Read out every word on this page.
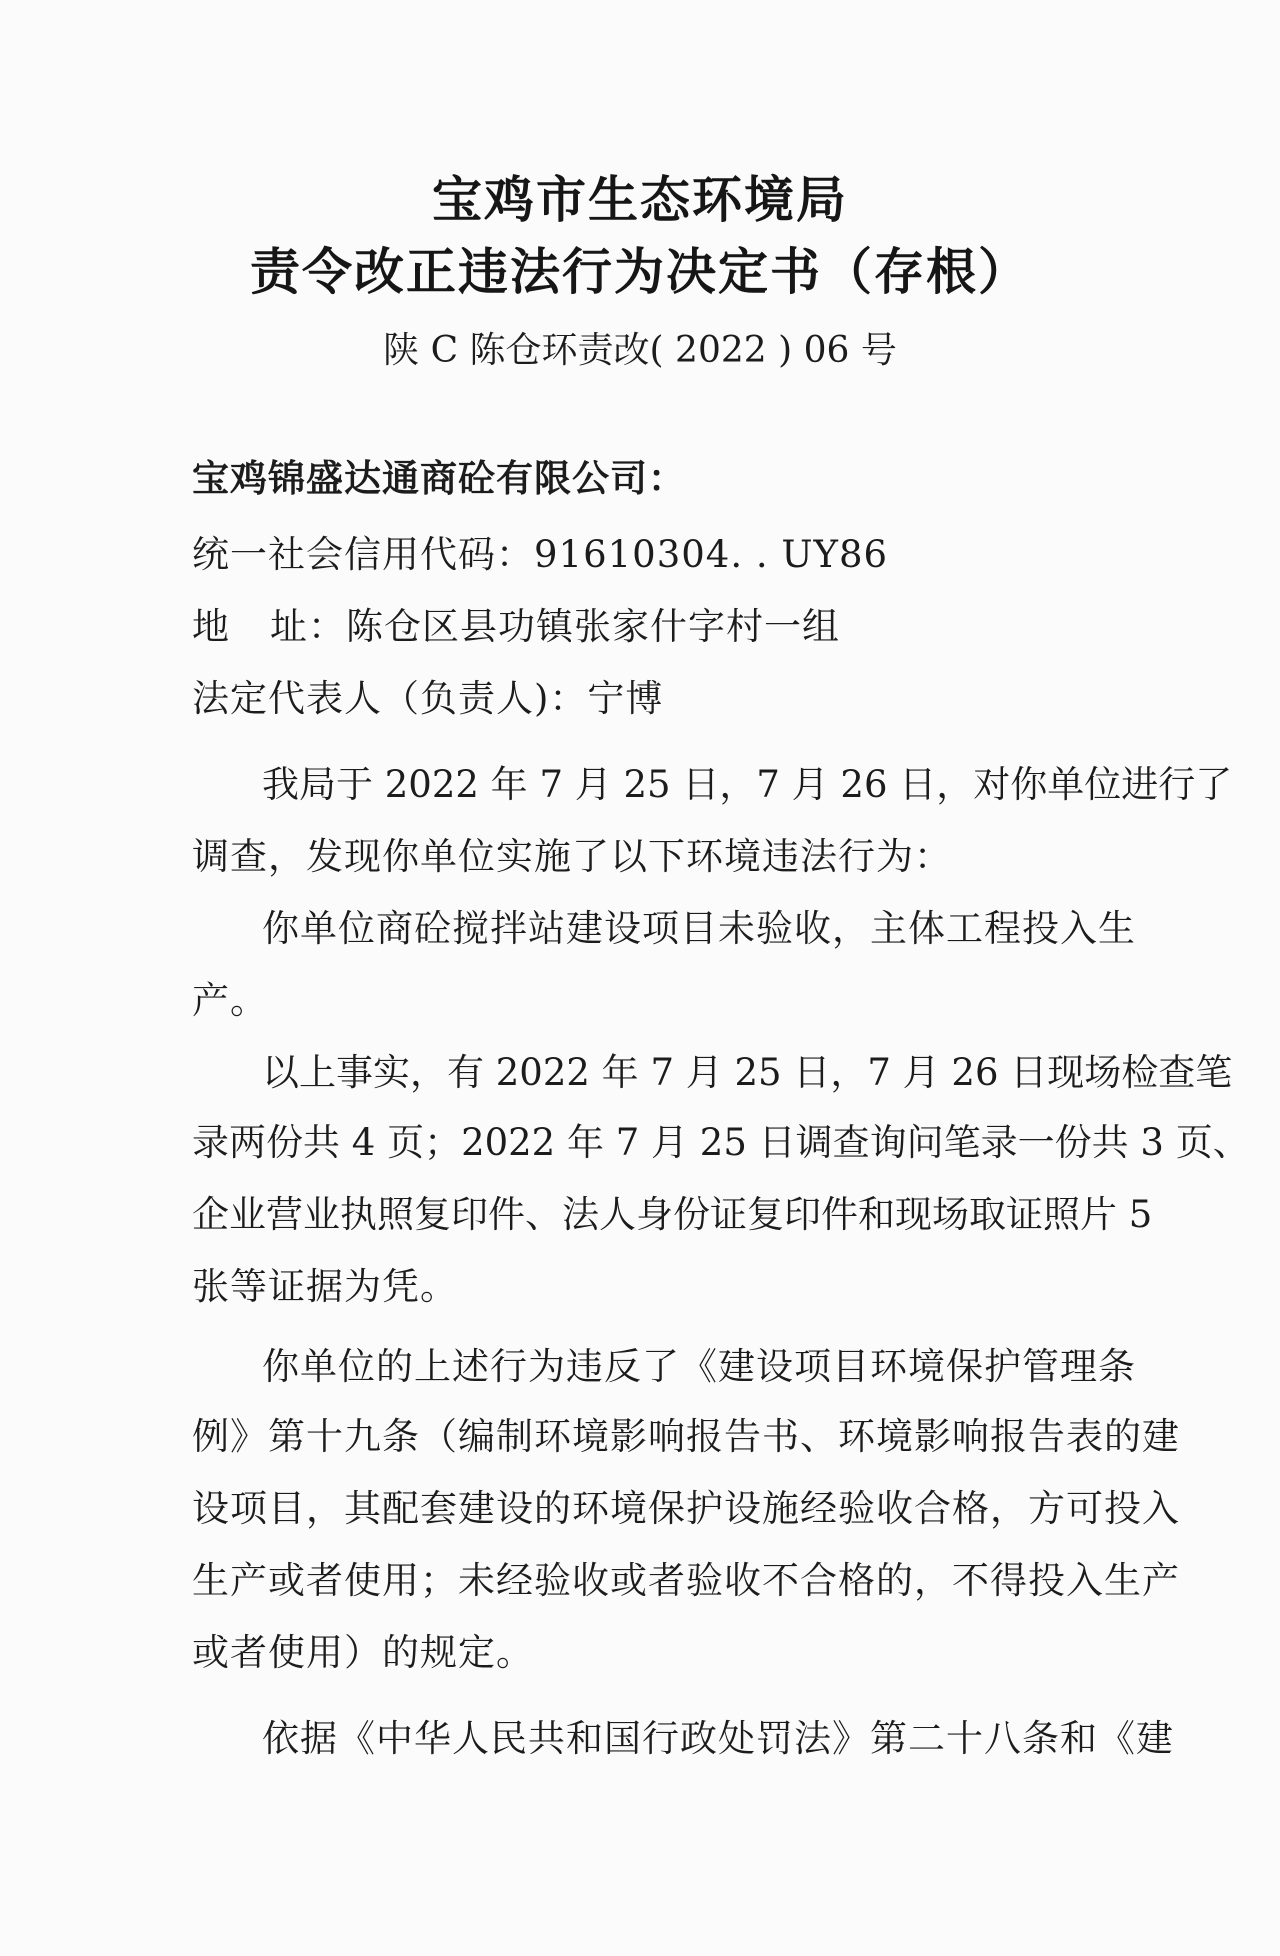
宝鸡市生态环境局
责令改正违法行为决定书（存根）

陕 C 陈仓环责改( 2022 ) 06 号

宝鸡锦盛达通商砼有限公司：

统一社会信用代码：91610304. . UY86

地 址：陈仓区县功镇张家什字村一组

法定代表人（负责人)：宁博

我局于 2022 年 7 月 25 日，7 月 26 日，对你单位进行了

调查，发现你单位实施了以下环境违法行为：

你单位商砼搅拌站建设项目未验收，主体工程投入生

产。

以上事实，有 2022 年 7 月 25 日，7 月 26 日现场检查笔

录两份共 4 页；2022 年 7 月 25 日调查询问笔录一份共 3 页、

企业营业执照复印件、法人身份证复印件和现场取证照片 5

张等证据为凭。

你单位的上述行为违反了《建设项目环境保护管理条

例》第十九条（编制环境影响报告书、环境影响报告表的建

设项目，其配套建设的环境保护设施经验收合格，方可投入

生产或者使用；未经验收或者验收不合格的，不得投入生产

或者使用）的规定。

依据《中华人民共和国行政处罚法》第二十八条和《建
